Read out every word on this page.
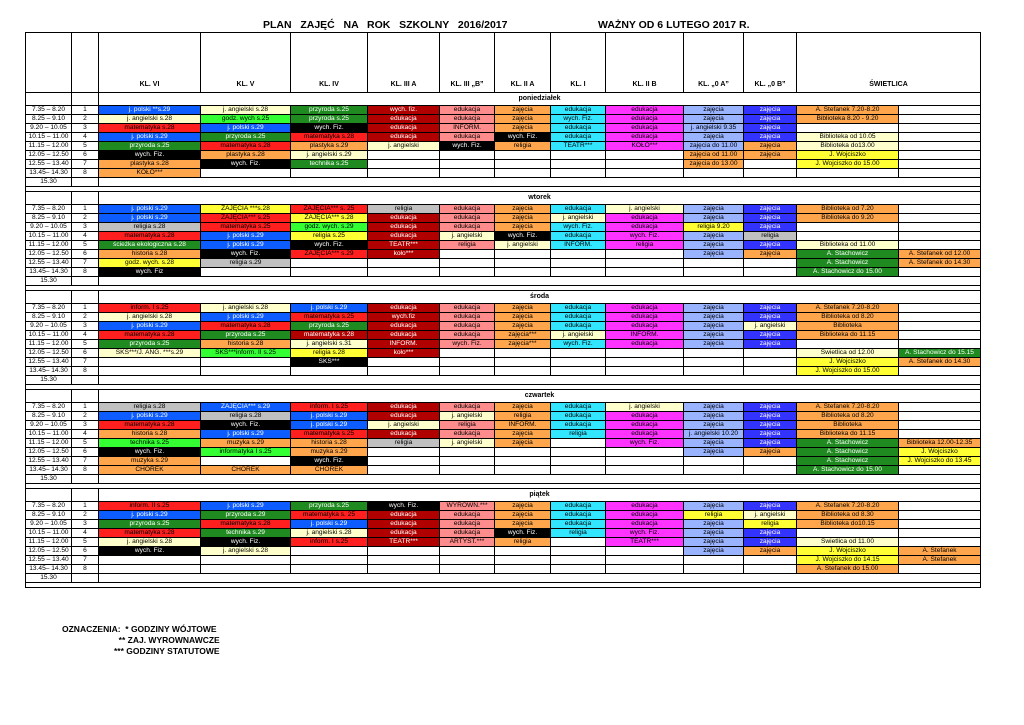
PLAN   ZAJĘĆ   NA   ROK   SZKOLNY   2016/2017	WAŻNY OD 6 LUTEGO 2017 R.
		KL. VI	KL. V	KL. IV	KL. III A	KL. III „B”	KL. II A	KL. I	KL. II B	KL. „0 A”	KL. „0 B”	ŚWIETLICA	
		poniedziałek											
7.35 – 8.20	1	j. polski **s.29	j. angielski s.28	przyroda s.25	wych. fiz.	edukacja	zajęcia	edukacja	edukacja	zajęcia	zajęcia	A. Stefanek 7.20-8.20	
8.25 – 9.10	2	j. angielski s.28	godz. wych s.25	przyroda s.25	edukacja	edukacja	zajęcia	wych. Fiz.	edukacja	zajęcia	zajęcia	Biblioteka 8.20 - 9.20	
9.20 – 10.05	3	matematyka s.28	j. polski s.29	wych. Fiz.	edukacja	INFORM.	zajęcia	edukacja	edukacja	j. angielski 9.35	zajęcia		
10.15 – 11.00	4	j. polski s.29	przyroda s.25	matematyka s.28	edukacja	edukacja	wych. Fiz.	edukacja	edukacja	zajęcia	zajęcia	Biblioteka od 10.05	
11.15 – 12.00	5	przyroda s.25	matematyka s.28	plastyka s.29	j. angielski	wych. Fiz.	religia	TEATR***	KOŁO***	zajęcia do 11.00	zajęcia	Biblioteka do13.00	
12.05 – 12.50	6	wych. Fiz.	plastyka s.28	j. angielski s.29						zajęcia od 11.00	zajęcia	J. Wojciszko	
12.55 – 13.40	7	plastyka s.28	wych. Fiz.	technika s.25						zajęcia do 13.00		J. Wojciszko do 15.00	
13.45– 14.30	8	KOŁO***											
15.30													

		wtorek											
7.35 – 8.20	1	j. polski s.29	ZAJĘCIA ***s.28	ZAJĘCIA*** s. 25	religia	edukacja	zajęcia	edukacja	j. angielski	zajęcia	zajęcia	Biblioteka od 7.20	
8.25 – 9.10	2	j. polski s.29	ZAJĘCIA*** s.25	ZAJĘCIA*** s.28	edukacja	edukacja	zajęcia	j. angielski	edukacja	zajęcia	zajęcia	Biblioteka do 9.20	
9.20 – 10.05	3	religia s.28	matematyka s.25	godz. wych. s.29	edukacja	edukacja	zajęcia	wych. Fiz.	edukacja	religia 9.20	zajęcia		
10.15 – 11.00	4	matematyka s.28	j. polski s.29	religia s.25	edukacja	j. angielski	wych. Fiz.	edukacja	wych. Fiz.	zajęcia	religia		
11.15 – 12.00	5	ścieżka ekologiczna s.28	j. polski s.29	wych. Fiz.	TEATR***	religia	j. angielski	INFORM.	religia	zajęcia	zajęcia	Biblioteka od 11.00	
12.05 – 12.50	6	historia s.28	wych. Fiz.	ZAJĘCIA*** s.29	koło***					zajęcia	zajęcia	A. Stachowicz	A. Stefanek od 12.00
12.55 – 13.40	7	godz. wych. s.28	religia s.29									A. Stachowicz	A. Stefanek do 14.30
13.45– 14.30	8	wych. Fiz										A. Stachowicz do 15.00	
15.30													

		środa											
7.35 – 8.20	1	inform. I s.25	j. angielski s.28	j. polski s.29	edukacja	edukacja	zajęcia	edukacja	edukacja	zajęcia	zajęcia	A. Stefanek 7.20-8.20	
8.25 – 9.10	2	j. angielski s.28	j. polski s.29	matematyka s.25	wych.fiz	edukacja	zajęcia	edukacja	edukacja	zajęcia	zajęcia	Biblioteka od 8.20	
9.20 – 10.05	3	j. polski s.29	matematyka s.28	przyroda s.25	edukacja	edukacja	zajęcia	edukacja	edukacja	zajęcia	j. angielski	Biblioteka	
10.15 – 11.00	4	matematyka s.28	przyroda s.25	matematyka s.28	edukacja	edukacja	zajęcia***	j. angielski	INFORM.	zajęcia	zajęcia	Biblioteka do 11.15	
11.15 – 12.00	5	przyroda s.25	historia s.28	j. angielski s.31	INFORM.	wych. Fiz.	zajęcia***	wych. Fiz.	edukacja	zajęcia	zajęcia		
12.05 – 12.50	6	SKS***/J. ANG. ***s.29	SKS***inform. II s.25	religia s.28	koło***							Świetlica od 12.00	A. Stachowicz do 15.15
12.55 – 13.40	7			SKS***								J. Wojciszko	A. Stefanek do 14.30
13.45– 14.30	8											J. Wojciszko do 15.00	
15.30													

		czwartek											
7.35 – 8.20	1	religia s.28	ZAJĘCIA*** s.29	inform. I s.25	edukacja	edukacja	zajęcia	edukacja	j. angielski	zajęcia	zajęcia	A. Stefanek 7.20-8.20	
8.25 – 9.10	2	j. polski s.29	religia s.28	j. polski s.29	edukacja	j. angielski	religia	edukacja	edukacja	zajęcia	zajęcia	Biblioteka od 8.20	
9.20 – 10.05	3	matematyka s.28	wych. Fiz.	j. polski s.29	j. angielski	religia	INFORM.	edukacja	edukacja	zajęcia	zajęcia	Biblioteka	
10.15 – 11.00	4	historia s.28	j. polski s.29	matematyka s.25	edukacja	edukacja	zajęcia	religia	edukacja	j. angielski 10.20	zajęcia	Biblioteka do 11.15	
11.15 – 12.00	5	technika s.25	muzyka s.29	historia s.28	religia	j. angielski	zajęcia		wych. Fiz.	zajęcia	zajęcia	A. Stachowicz	Biblioteka 12.00-12.35
12.05 – 12.50	6	wych. Fiz.	informatyka I s.25	muzyka s.29						zajęcia	zajęcia	A. Stachowicz	J. Wojciszko
12.55 – 13.40	7	muzyka s.29		wych. Fiz.								A. Stachowicz	J. Wojciszko do 13.45
13.45– 14.30	8	CHÓREK	CHÓREK	CHÓREK								A. Stachowicz do 15.00	
15.30													

		piątek											
7.35 – 8.20	1	inform. II s.25	j. polski s.29	przyroda s.25	wych. Fiz.	WYRÓWN.***	zajęcia	edukacja	edukacja	zajęcia	zajęcia	A. Stefanek 7.20-8.20	
8.25 – 9.10	2	j. polski s.29	przyroda s.29	matematyka s. 25	edukacja	edukacja	zajęcia	edukacja	edukacja	religia	j. angielski	Biblioteka od 8.30	
9.20 – 10.05	3	przyroda s.25	matematyka s.28	j. polski s.29	edukacja	edukacja	zajęcia	edukacja	edukacja	zajęcia	religia	Biblioteka do10.15	
10.15 – 11.00	4	matematyka s.28	technika s.29	j. angielski s.28	edukacja	edukacja	wych. Fiz.	religia	wych. Fiz.	zajęcia	zajęcia		
11.15 – 12.00	5	j. angielski s.28	wych. Fiz.	inform. I s.25	TEATR***	ARTYST.***	religia		TEATR***	zajęcia	zajęcia	Świetlica od 11.00	
12.05 – 12.50	6	wych. Fiz.	j. angielski s.28							zajęcia	zajęcia	J. Wojciszko	A. Stefanek
12.55 – 13.40	7											J. Wojciszko do 14.15	A. Stefanek
13.45– 14.30	8											A. Stefanek do 15.00	
15.30													

OZNACZENIA:  * GODZINY WÓJTOWE
** ZAJ. WYROWNAWCZE
*** GODZINY STATUTOWE
